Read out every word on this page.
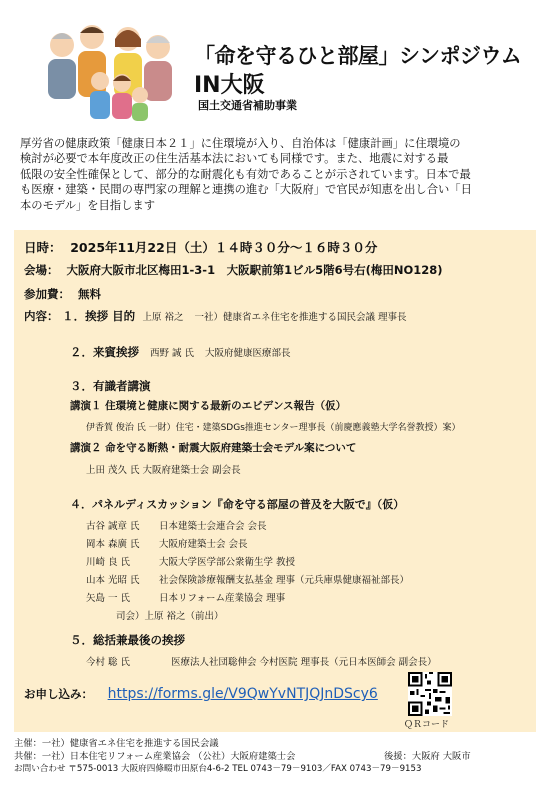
「命を守るひと部屋」シンポジウム
IN大阪
国土交通省補助事業

厚労省の健康政策「健康日本２１」に住環境が入り、自治体は「健康計画」に住環境の

検討が必要で本年度改正の住生活基本法においても同様です。また、地震に対する最

低限の安全性確保として、部分的な耐震化も有効であることが示されています。日本で最

も医療・建築・民間の専門家の理解と連携の進む「大阪府」で官民が知恵を出し合い「日

本のモデル」を目指します

日時： 2025年11月22日（土）１４時３０分～１６時３０分
会場： 大阪府大阪市北区梅田1-3-1　大阪駅前第1ビル5階6号右(梅田NO128)
参加費： 無料
内容： １．挨拶 目的 上原 裕之 一社）健康省エネ住宅を推進する国民会議 理事長
２．来賓挨拶 西野 誠 氏 大阪府健康医療部長
３．有識者講演
講演１ 住環境と健康に関する最新のエビデンス報告（仮）
伊香賀 俊治 氏 一財）住宅・建築SDGs推進センター理事長（前慶應義塾大学名誉教授）案）
講演２ 命を守る断熱・耐震大阪府建築士会モデル案について
上田 茂久 氏 大阪府建築士会 副会長
４．パネルディスカッション『命を守る部屋の普及を大阪で』（仮）
古谷 誠章 氏 日本建築士会連合会 会長
岡本 森廣 氏 大阪府建築士会 会長
川崎 良 氏	大阪大学医学部公衆衛生学 教授
山本 光昭 氏 社会保険診療報酬支払基金 理事（元兵庫県健康福祉部長）
矢島 一 氏	日本リフォーム産業協会 理事
司会）上原 裕之（前出）
５．総括兼最後の挨拶
今村 聡 氏	医療法人社団聡伸会 今村医院 理事長（元日本医師会 副会長）
お申し込み： https://forms.gle/V9QwYvNTJQJnDScy6
ＱＲコード
主催：一社）健康省エネ住宅を推進する国民会議
共催：一社）日本住宅リフォーム産業協会 （公社）大阪府建築士会	後援：大阪府 大阪市
お問い合わせ 〒575-0013 大阪府四條畷市田原台4-6-2 TEL 0743－79－9103／FAX 0743－79－9153
